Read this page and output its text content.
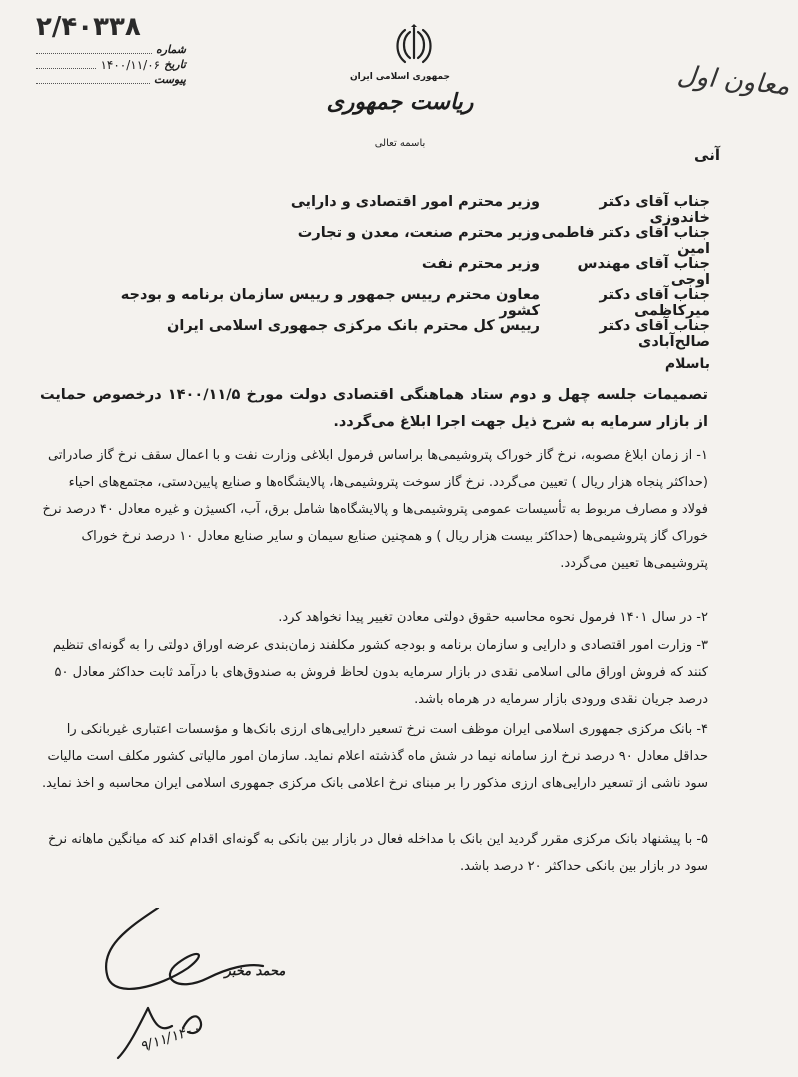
۲/۴۰۳۳۸
شماره
تاریخ
۱۴۰۰/۱۱/۰۶
پیوست	جمهوری اسلامی ایران
ریاست جمهوری
باسمه تعالی
معاون اول
آنی
جناب آقای دکتر خاندوزی
وزیر محترم امور اقتصادی و دارایی
جناب آقای دکتر فاطمی امین
وزیر محترم صنعت، معدن و تجارت
جناب آقای مهندس اوجی
وزیر محترم نفت
جناب آقای دکتر میرکاظمی
معاون محترم رییس جمهور و رییس سازمان برنامه و بودجه کشور
جناب آقای دکتر صالح‌آبادی
رییس کل محترم بانک مرکزی جمهوری اسلامی ایران
باسلام
تصمیمات جلسه چهل و دوم ستاد هماهنگی اقتصادی دولت مورخ ۱۴۰۰/۱۱/۵ درخصوص حمایت از بازار سرمایه به شرح ذیل جهت اجرا ابلاغ می‌گردد.
۱- از زمان ابلاغ مصوبه، نرخ گاز خوراک پتروشیمی‌ها براساس فرمول ابلاغی وزارت نفت و با اعمال سقف نرخ گاز صادراتی (حداکثر پنجاه هزار ریال ) تعیین می‌گردد. نرخ گاز سوخت پتروشیمی‌ها، پالایشگاه‌ها و صنایع پایین‌دستی، مجتمع‌های احیاء فولاد و مصارف مربوط به تأسیسات عمومی پتروشیمی‌ها و پالایشگاه‌ها شامل برق، آب، اکسیژن و غیره معادل ۴۰ درصد نرخ خوراک گاز پتروشیمی‌ها (حداکثر بیست هزار ریال ) و همچنین صنایع سیمان و سایر صنایع معادل ۱۰ درصد نرخ خوراک پتروشیمی‌ها تعیین می‌گردد.
۲- در سال ۱۴۰۱ فرمول نحوه محاسبه حقوق دولتی معادن تغییر پیدا نخواهد کرد.
۳- وزارت امور اقتصادی و دارایی و سازمان برنامه و بودجه کشور مکلفند زمان‌بندی عرضه اوراق دولتی را به گونه‌ای تنظیم کنند که فروش اوراق مالی اسلامی نقدی در بازار سرمایه بدون لحاظ فروش به صندوق‌های با درآمد ثابت حداکثر معادل ۵۰ درصد جریان نقدی ورودی بازار سرمایه در هرماه باشد.
۴- بانک مرکزی جمهوری اسلامی ایران موظف است نرخ تسعیر دارایی‌های ارزی بانک‌ها و مؤسسات اعتباری غیربانکی را حداقل معادل ۹۰ درصد نرخ ارز سامانه نیما در شش ماه گذشته اعلام نماید. سازمان امور مالیاتی کشور مکلف است مالیات سود ناشی از تسعیر دارایی‌های ارزی مذکور را بر مبنای نرخ اعلامی بانک مرکزی جمهوری اسلامی ایران محاسبه و اخذ نماید.
۵- با پیشنهاد بانک مرکزی مقرر گردید این بانک با مداخله فعال در بازار بین بانکی به گونه‌ای اقدام کند که میانگین ماهانه نرخ سود در بازار بین بانکی حداکثر ۲۰ درصد باشد.
محمد مخبر
۹/۱۱/۱۴۰۰
